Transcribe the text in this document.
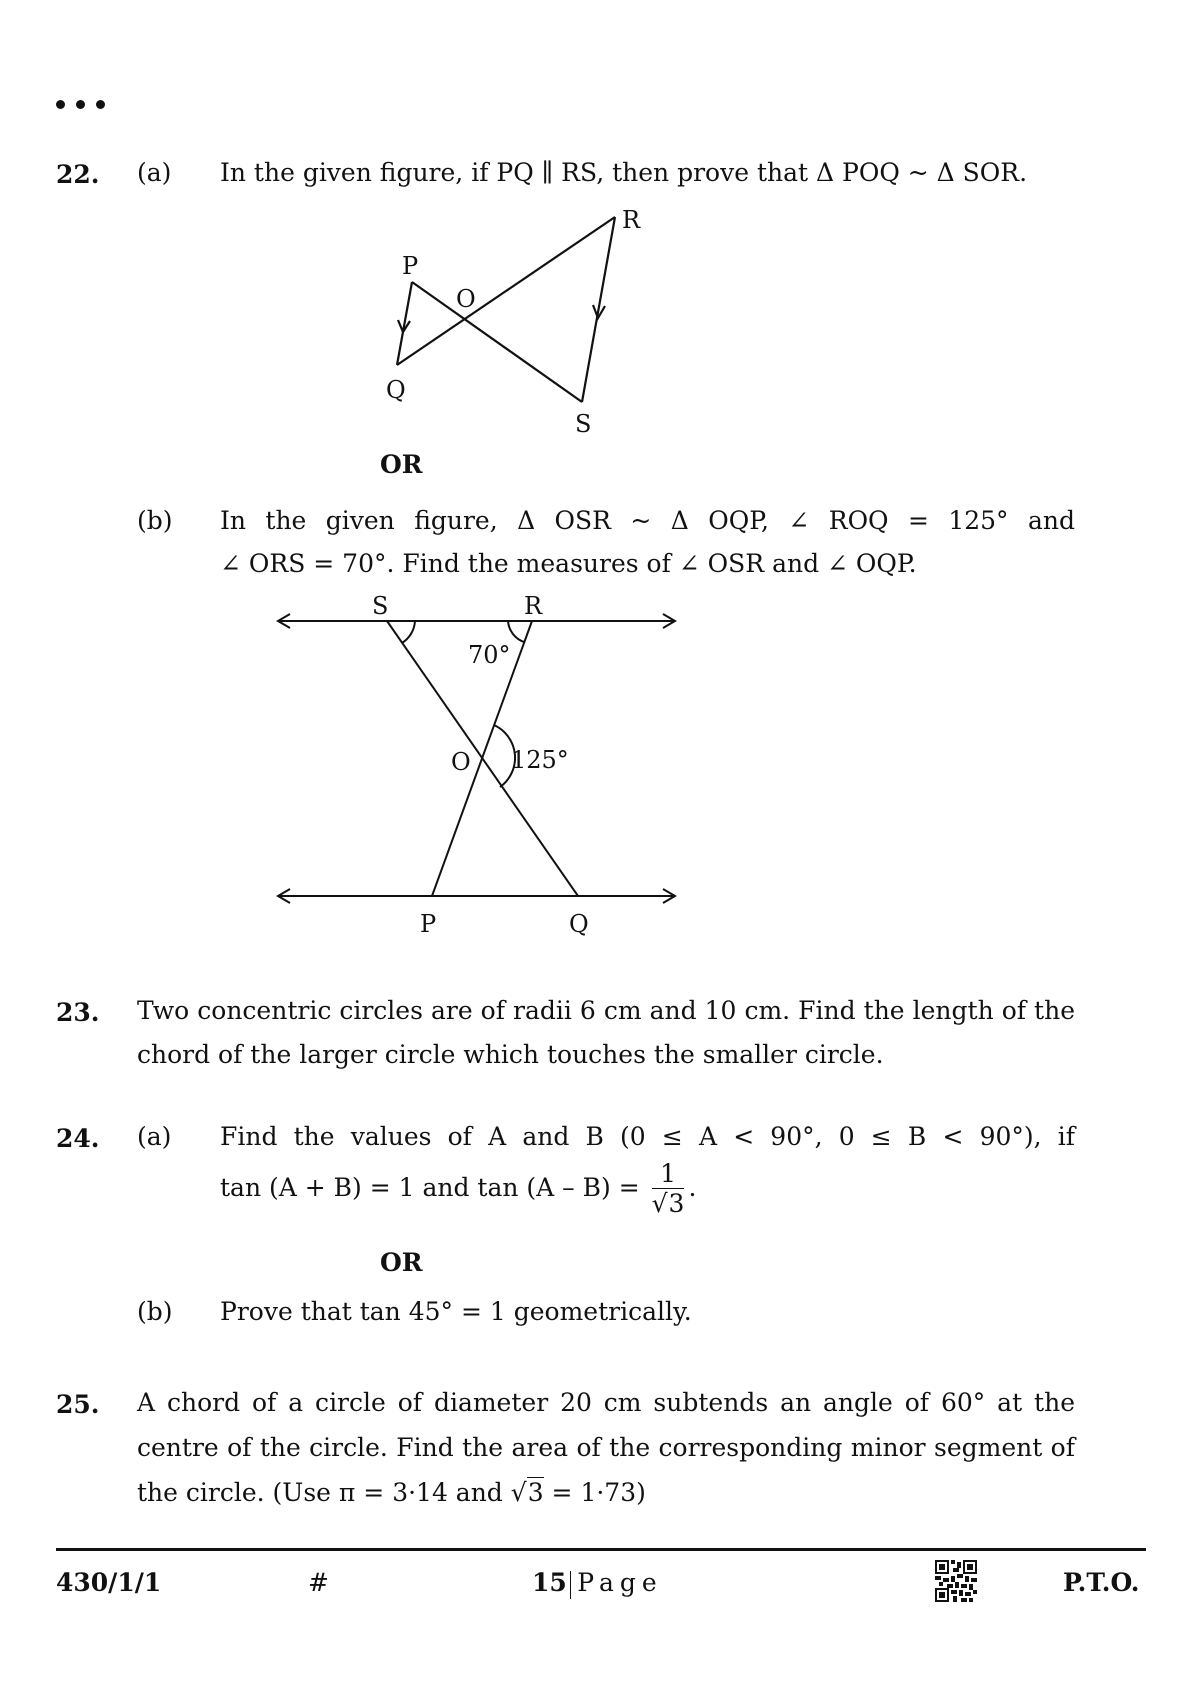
22. (a) In the given figure, if PQ ∥ RS, then prove that Δ POQ ~ Δ SOR.
P
O
R
Q
S
OR
(b) In the given figure, Δ OSR ~ Δ OQP, ∠ ROQ = 125° and
∠ ORS = 70°. Find the measures of ∠ OSR and ∠ OQP.
S	R
70°
O 125°
P	Q
23. Two concentric circles are of radii 6 cm and 10 cm. Find the length of the
chord of the larger circle which touches the smaller circle.
24. (a) Find the values of A and B (0 ≤ A < 90°, 0 ≤ B < 90°), if
tan (A + B) = 1 and $\tan (A - B) = \frac{1}{√3}$ .
OR
(b) Prove that tan 45° = 1 geometrically.
25. A chord of a circle of diameter 20 cm subtends an angle of 60° at the
centre of the circle. Find the area of the corresponding minor segment of
the circle. (Use π = 3·14 and √3 = 1·73)
430/1/1	#	15 Page	P.T.O.
